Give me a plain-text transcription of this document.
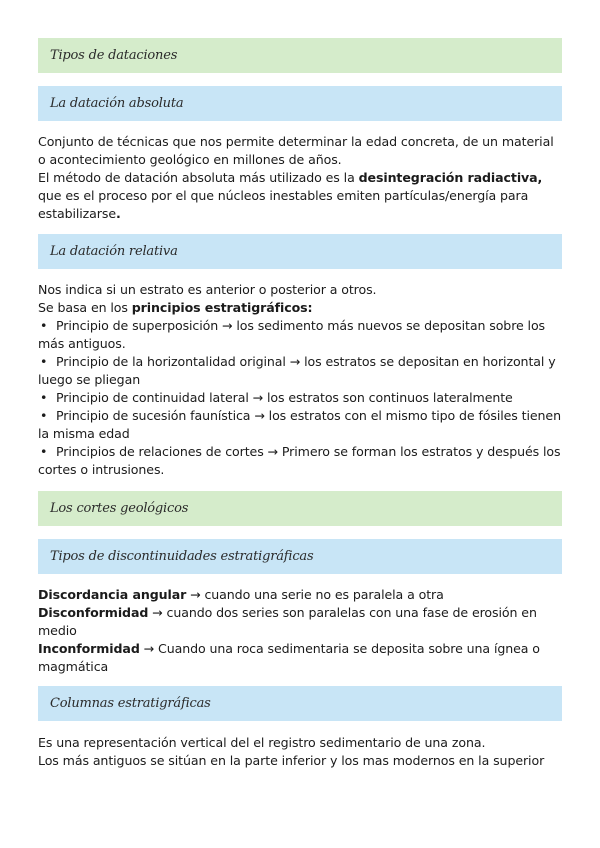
Tipos de dataciones
La datación absoluta

Conjunto de técnicas que nos permite determinar la edad concreta, de un material o acontecimiento geológico en millones de años.

El método de datación absoluta más utilizado es la desintegración radiactiva, que es el proceso por el que núcleos inestables emiten partículas/energía para estabilizarse.

La datación relativa

Nos indica si un estrato es anterior o posterior a otros.

Se basa en los principios estratigráficos:

• Principio de superposición → los sedimento más nuevos se depositan sobre los más antiguos.

• Principio de la horizontalidad original → los estratos se depositan en horizontal y luego se pliegan

• Principio de continuidad lateral → los estratos son continuos lateralmente

• Principio de sucesión faunística → los estratos con el mismo tipo de fósiles tienen la misma edad

• Principios de relaciones de cortes → Primero se forman los estratos y después los cortes o intrusiones.

Los cortes geológicos
Tipos de discontinuidades estratigráficas

Discordancia angular → cuando una serie no es paralela a otra

Disconformidad → cuando dos series son paralelas con una fase de erosión en medio

Inconformidad → Cuando una roca sedimentaria se deposita sobre una ígnea o magmática

Columnas estratigráficas

Es una representación vertical del el registro sedimentario de una zona.

Los más antiguos se sitúan en la parte inferior y los mas modernos en la superior
